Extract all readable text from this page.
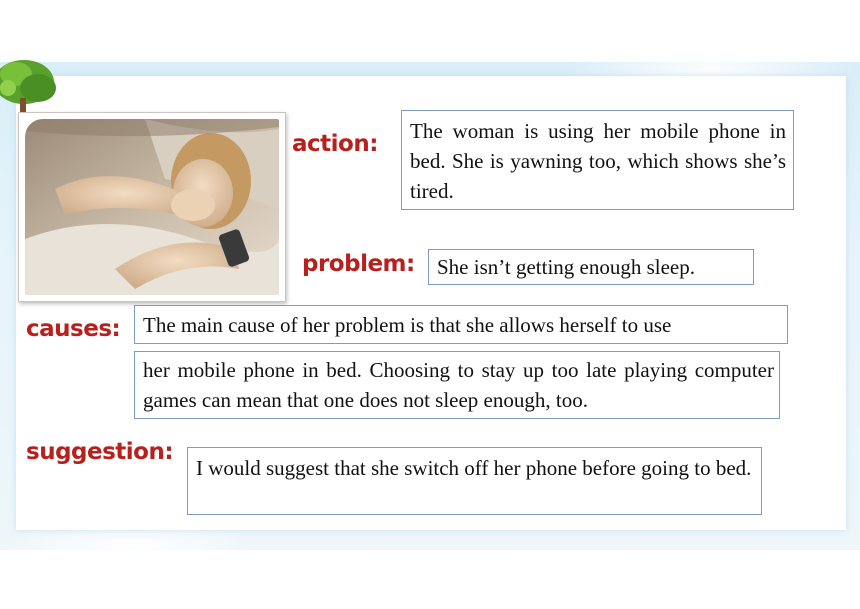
action:	The woman is using her mobile phone in bed. She is yawning too, which shows she’s tired.
problem:	She isn’t getting enough sleep.
causes:	The main cause of her problem is that she allows herself to use
her mobile phone in bed. Choosing to stay up too late playing computer games can mean that one does not sleep enough, too.
suggestion:
I would suggest that she switch off her phone before going to bed.
